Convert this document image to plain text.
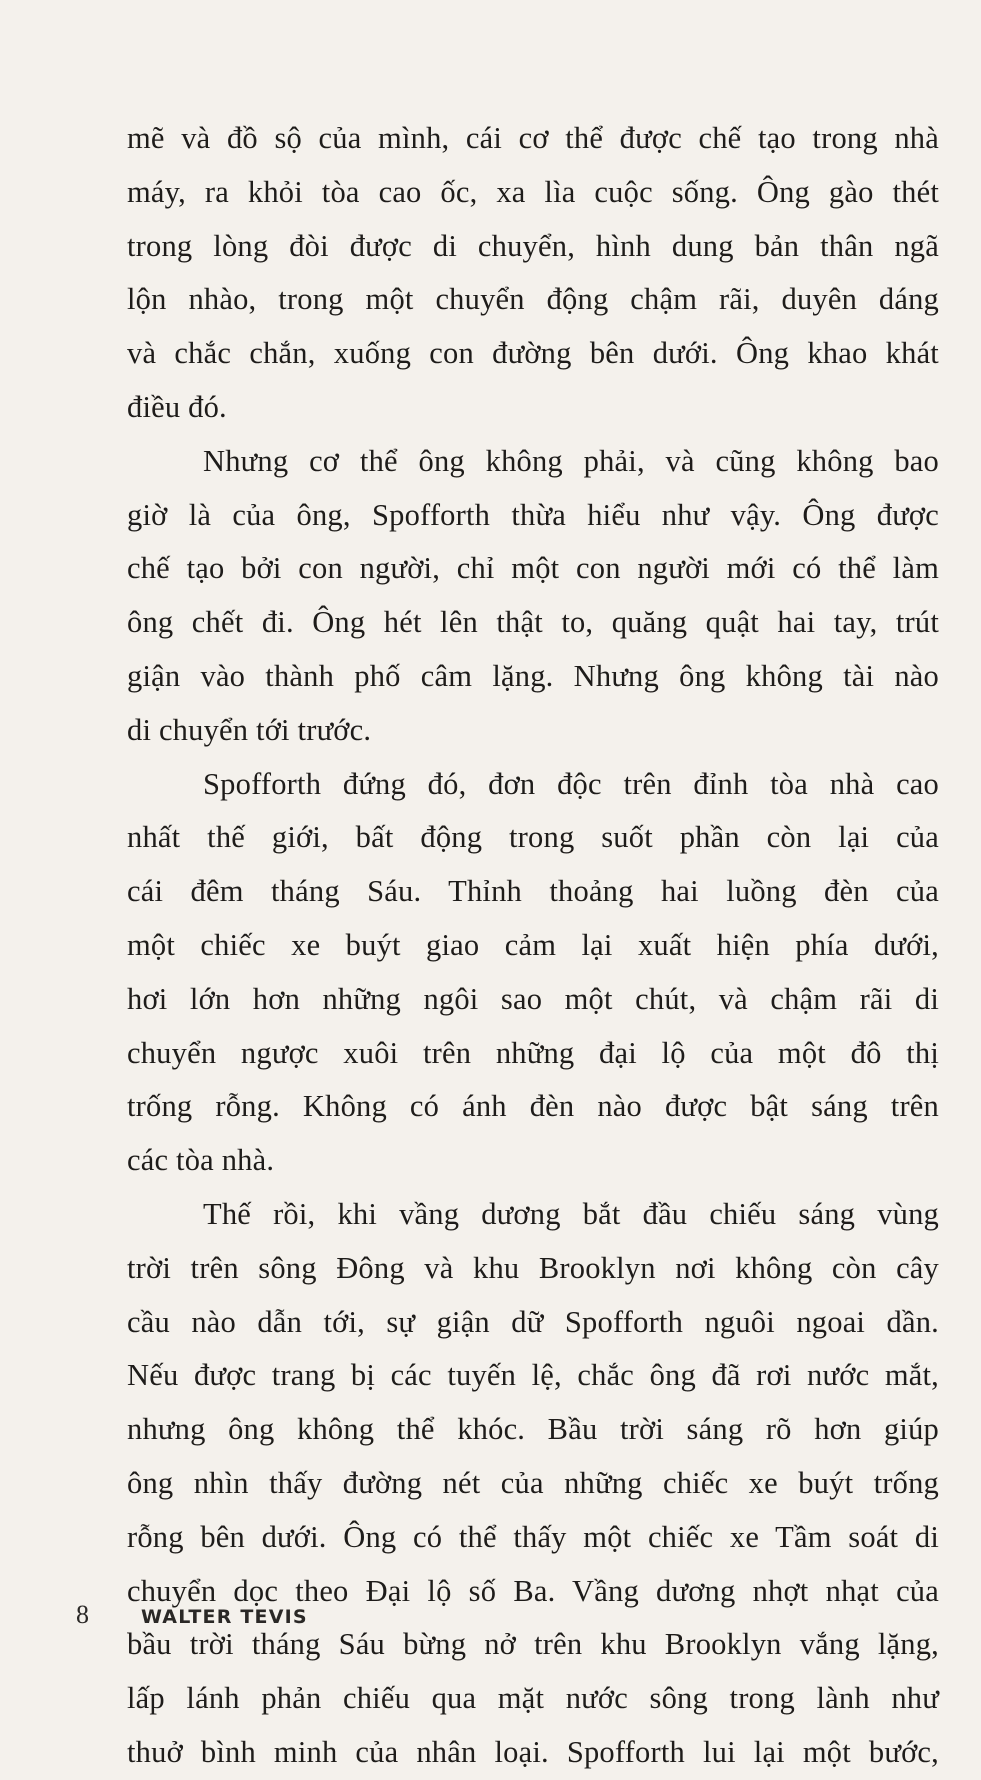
mẽ và đồ sộ của mình, cái cơ thể được chế tạo trong nhà
máy, ra khỏi tòa cao ốc, xa lìa cuộc sống. Ông gào thét
trong lòng đòi được di chuyển, hình dung bản thân ngã
lộn nhào, trong một chuyển động chậm rãi, duyên dáng
và chắc chắn, xuống con đường bên dưới. Ông khao khát
điều đó.
Nhưng cơ thể ông không phải, và cũng không bao
giờ là của ông, Spofforth thừa hiểu như vậy. Ông được
chế tạo bởi con người, chỉ một con người mới có thể làm
ông chết đi. Ông hét lên thật to, quăng quật hai tay, trút
giận vào thành phố câm lặng. Nhưng ông không tài nào
di chuyển tới trước.
Spofforth đứng đó, đơn độc trên đỉnh tòa nhà cao
nhất thế giới, bất động trong suốt phần còn lại của
cái đêm tháng Sáu. Thỉnh thoảng hai luồng đèn của
một chiếc xe buýt giao cảm lại xuất hiện phía dưới,
hơi lớn hơn những ngôi sao một chút, và chậm rãi di
chuyển ngược xuôi trên những đại lộ của một đô thị
trống rỗng. Không có ánh đèn nào được bật sáng trên
các tòa nhà.
Thế rồi, khi vầng dương bắt đầu chiếu sáng vùng
trời trên sông Đông và khu Brooklyn nơi không còn cây
cầu nào dẫn tới, sự giận dữ Spofforth nguôi ngoai dần.
Nếu được trang bị các tuyến lệ, chắc ông đã rơi nước mắt,
nhưng ông không thể khóc. Bầu trời sáng rõ hơn giúp
ông nhìn thấy đường nét của những chiếc xe buýt trống
rỗng bên dưới. Ông có thể thấy một chiếc xe Tầm soát di
chuyển dọc theo Đại lộ số Ba. Vầng dương nhợt nhạt của
bầu trời tháng Sáu bừng nở trên khu Brooklyn vắng lặng,
lấp lánh phản chiếu qua mặt nước sông trong lành như
thuở bình minh của nhân loại. Spofforth lui lại một bước,
8	WALTER TEVIS
